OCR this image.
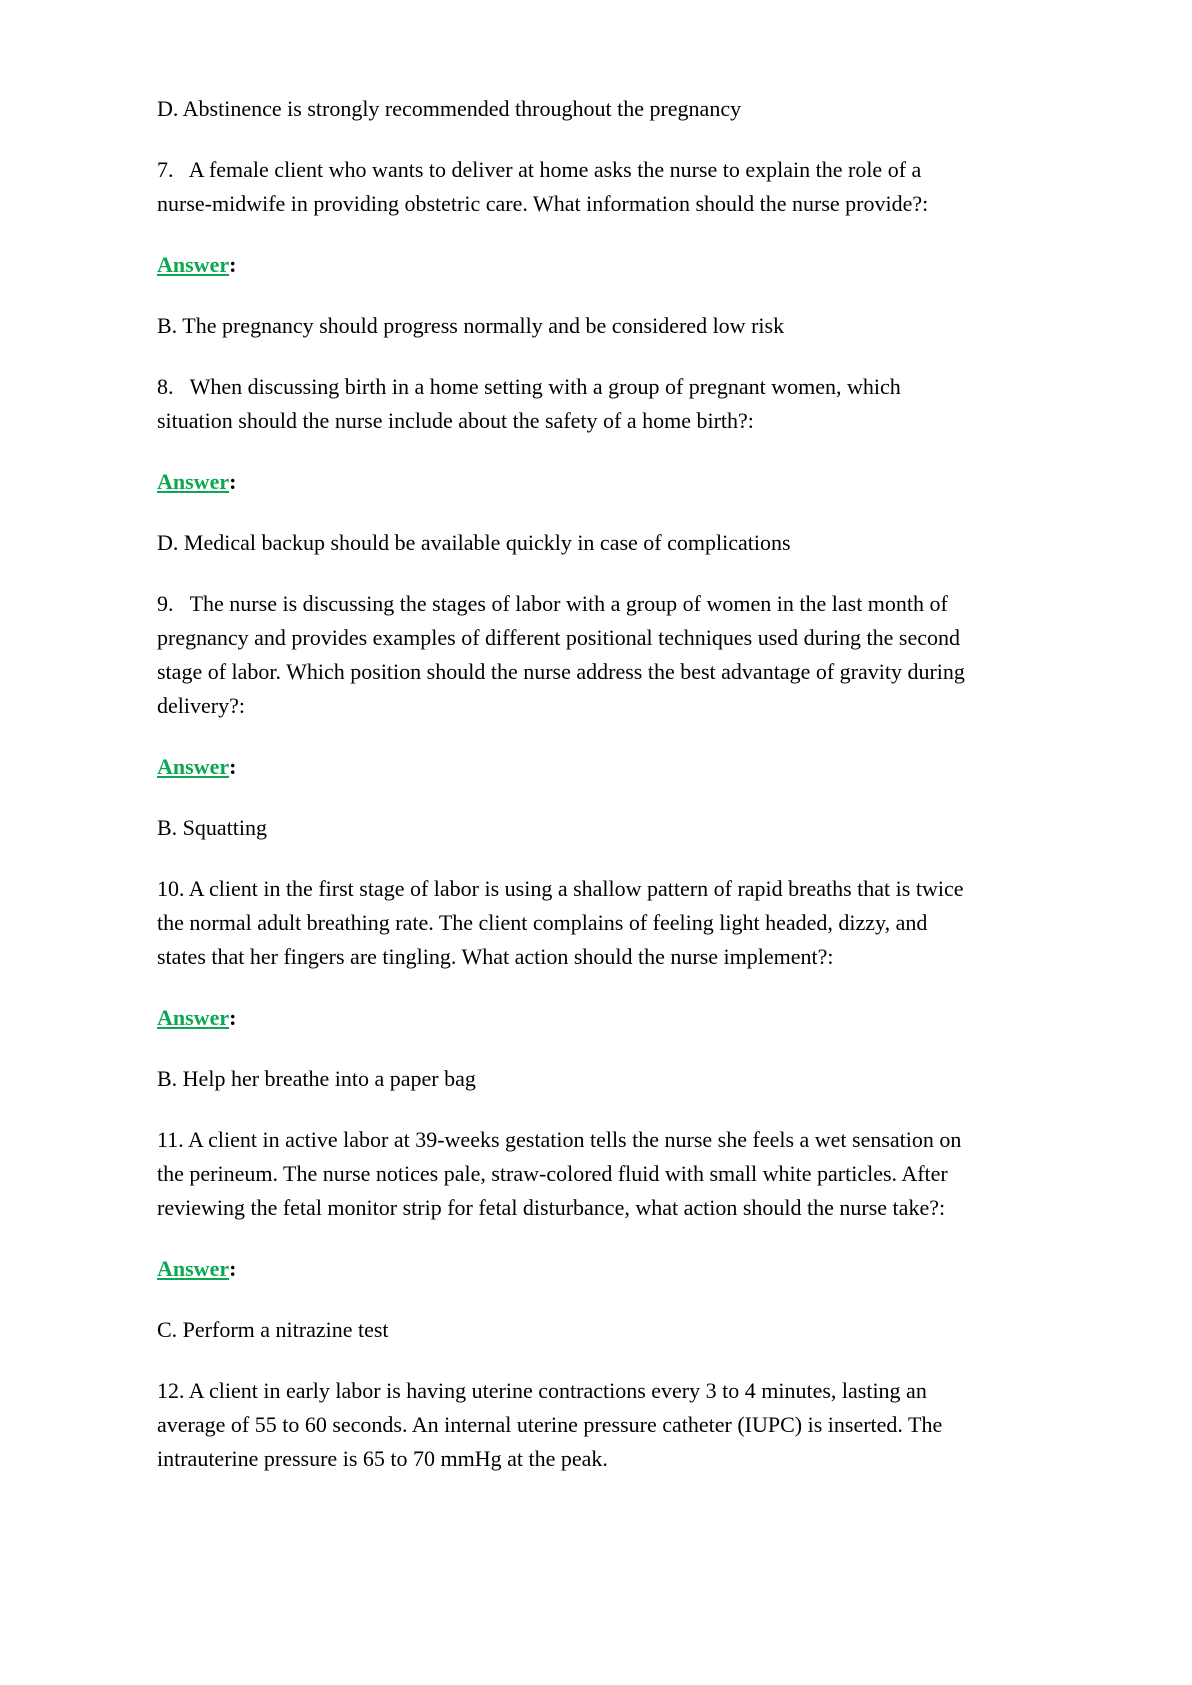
D. Abstinence is strongly recommended throughout the pregnancy

7.   A female client who wants to deliver at home asks the nurse to explain the role of a nurse-midwife in providing obstetric care. What information should the nurse provide?:

Answer:

B. The pregnancy should progress normally and be considered low risk

8.   When discussing birth in a home setting with a group of pregnant women, which situation should the nurse include about the safety of a home birth?:

Answer:

D. Medical backup should be available quickly in case of complications

9.   The nurse is discussing the stages of labor with a group of women in the last month of pregnancy and provides examples of different positional techniques used during the second stage of labor. Which position should the nurse address the best advantage of gravity during delivery?:

Answer:

B. Squatting

10. A client in the first stage of labor is using a shallow pattern of rapid breaths that is twice the normal adult breathing rate. The client complains of feeling light headed, dizzy, and states that her fingers are tingling. What action should the nurse implement?:

Answer:

B. Help her breathe into a paper bag

11. A client in active labor at 39-weeks gestation tells the nurse she feels a wet sensation on the perineum. The nurse notices pale, straw-colored fluid with small white particles. After reviewing the fetal monitor strip for fetal disturbance, what action should the nurse take?:

Answer:

C. Perform a nitrazine test

12. A client in early labor is having uterine contractions every 3 to 4 minutes, lasting an average of 55 to 60 seconds. An internal uterine pressure catheter (IUPC) is inserted. The intrauterine pressure is 65 to 70 mmHg at the peak.
